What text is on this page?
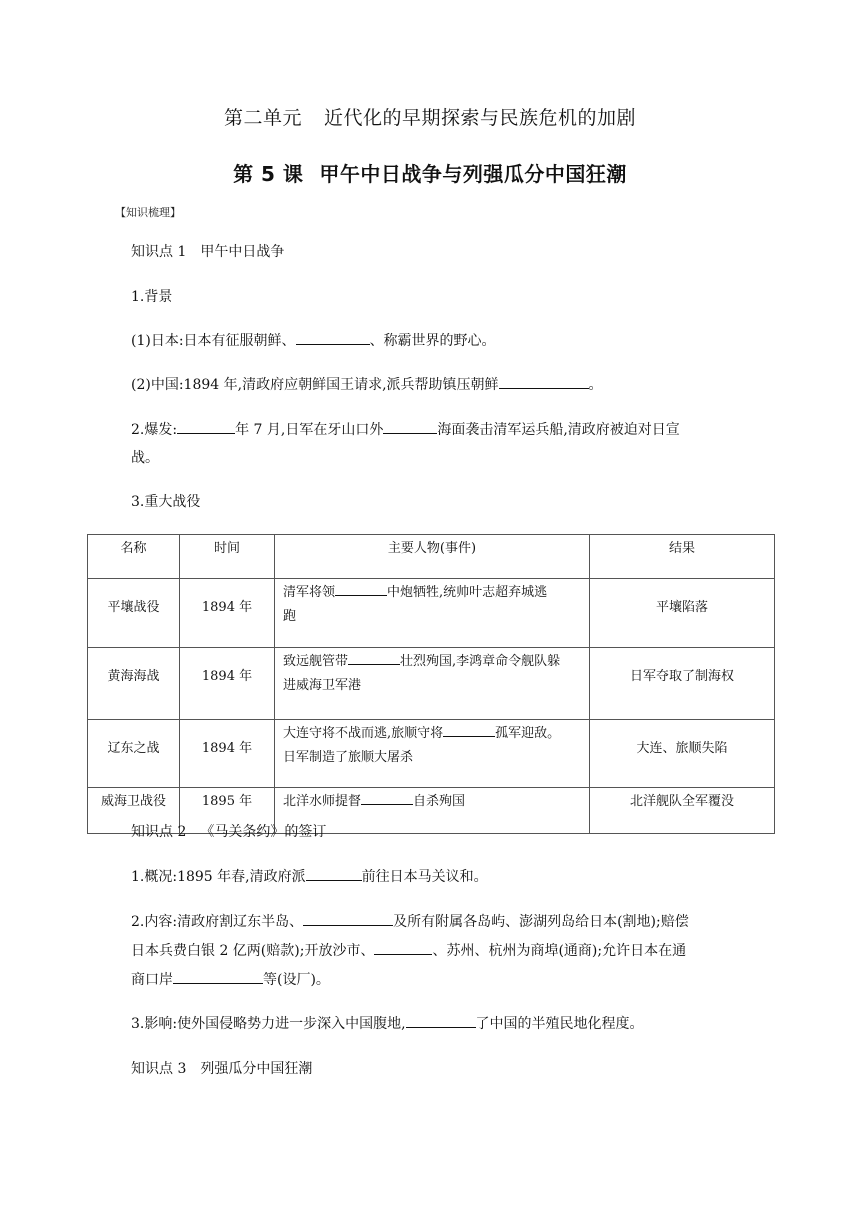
第二单元 近代化的早期探索与民族危机的加剧
第 5 课 甲午中日战争与列强瓜分中国狂潮
【知识梳理】
知识点 1 甲午中日战争
1.背景
(1)日本:日本有征服朝鲜、	、称霸世界的野心。
(2)中国:1894 年,清政府应朝鲜国王请求,派兵帮助镇压朝鲜	。
2.爆发:	年 7 月,日军在牙山口外	海面袭击清军运兵船,清政府被迫对日宣
战。
3.重大战役
名称	时间	主要人物(事件)	结果

平壤战役	1894 年	清军将领 中炮牺牲,统帅叶志超弃城逃
跑	平壤陷落

黄海海战	1894 年	致远舰管带 壮烈殉国,李鸿章命令舰队躲
进威海卫军港	日军夺取了制海权

辽东之战	1894 年	大连守将不战而逃,旅顺守将 孤军迎敌。
日军制造了旅顺大屠杀	大连、旅顺失陷

威海卫战役	1895 年	北洋水师提督 自杀殉国	北洋舰队全军覆没
知识点 2 《马关条约》的签订
1.概况:1895 年春,清政府派	前往日本马关议和。
2.内容:清政府割辽东半岛、	及所有附属各岛屿、澎湖列岛给日本(割地);赔偿
日本兵费白银 2 亿两(赔款);开放沙市、	、苏州、杭州为商埠(通商);允许日本在通
商口岸	等(设厂)。
3.影响:使外国侵略势力进一步深入中国腹地,	了中国的半殖民地化程度。
知识点 3 列强瓜分中国狂潮
